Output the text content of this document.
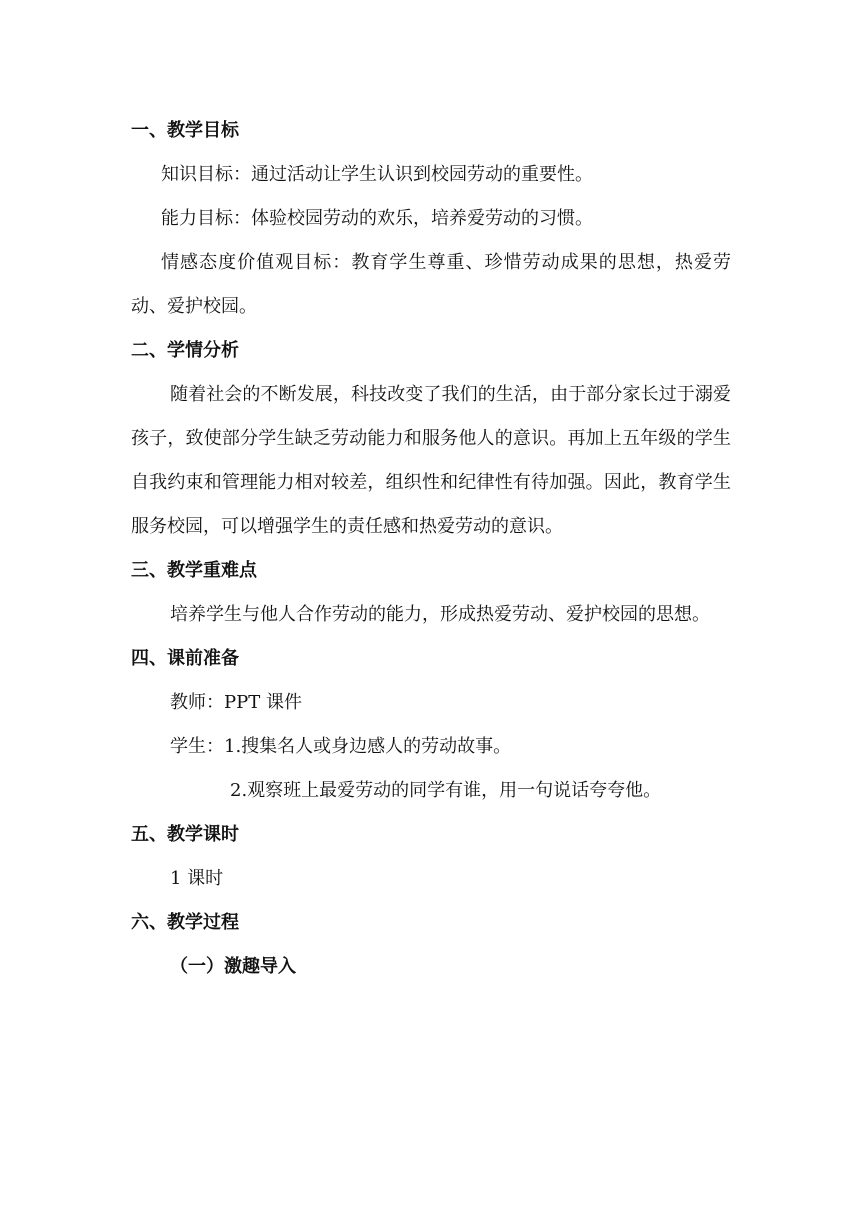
一、教学目标
知识目标：通过活动让学生认识到校园劳动的重要性。
能力目标：体验校园劳动的欢乐，培养爱劳动的习惯。
情感态度价值观目标：教育学生尊重、珍惜劳动成果的思想，热爱劳动、爱护校园。
二、学情分析
随着社会的不断发展，科技改变了我们的生活，由于部分家长过于溺爱孩子，致使部分学生缺乏劳动能力和服务他人的意识。再加上五年级的学生自我约束和管理能力相对较差，组织性和纪律性有待加强。因此，教育学生服务校园，可以增强学生的责任感和热爱劳动的意识。
三、教学重难点
培养学生与他人合作劳动的能力，形成热爱劳动、爱护校园的思想。
四、课前准备
教师：PPT 课件
学生：1.搜集名人或身边感人的劳动故事。
2.观察班上最爱劳动的同学有谁，用一句说话夸夸他。
五、教学课时
1 课时
六、教学过程
（一）激趣导入
